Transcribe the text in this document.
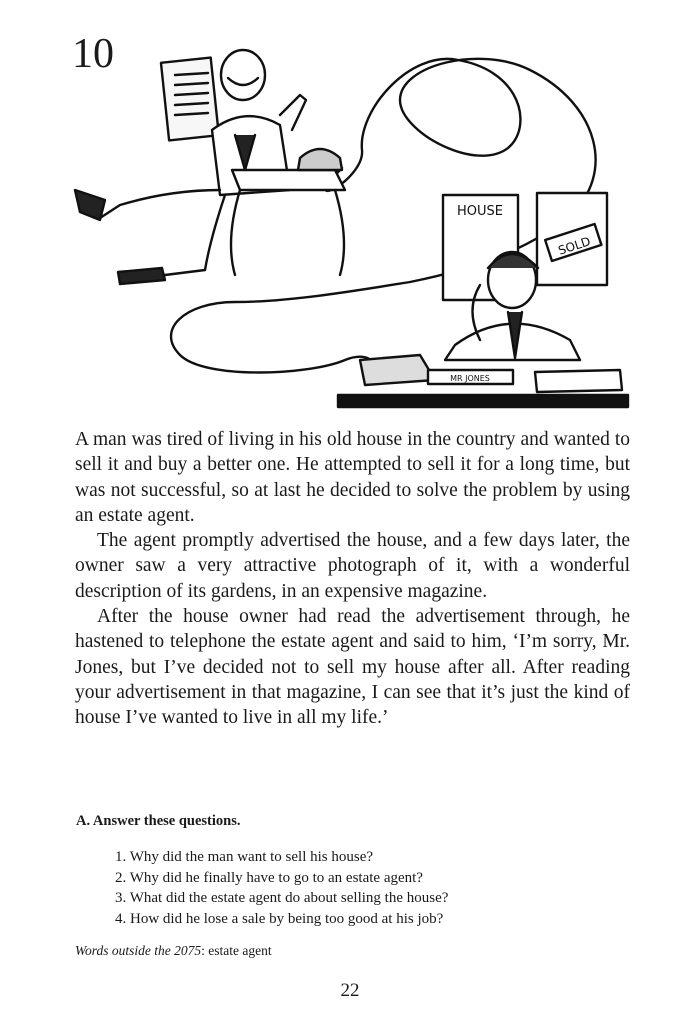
10
HOUSE
SOLD
MR JONES

A man was tired of living in his old house in the country and wanted to sell it and buy a better one. He attempted to sell it for a long time, but was not successful, so at last he decided to solve the problem by using an estate agent.

The agent promptly advertised the house, and a few days later, the owner saw a very attractive photograph of it, with a wonderful description of its gardens, in an expensive magazine.

After the house owner had read the advertisement through, he hastened to telephone the estate agent and said to him, ‘I’m sorry, Mr. Jones, but I’ve decided not to sell my house after all. After reading your advertisement in that magazine, I can see that it’s just the kind of house I’ve wanted to live in all my life.’

A. Answer these questions.
1. Why did the man want to sell his house?
2. Why did he finally have to go to an estate agent?
3. What did the estate agent do about selling the house?
4. How did he lose a sale by being too good at his job?
Words outside the 2075: estate agent
22
